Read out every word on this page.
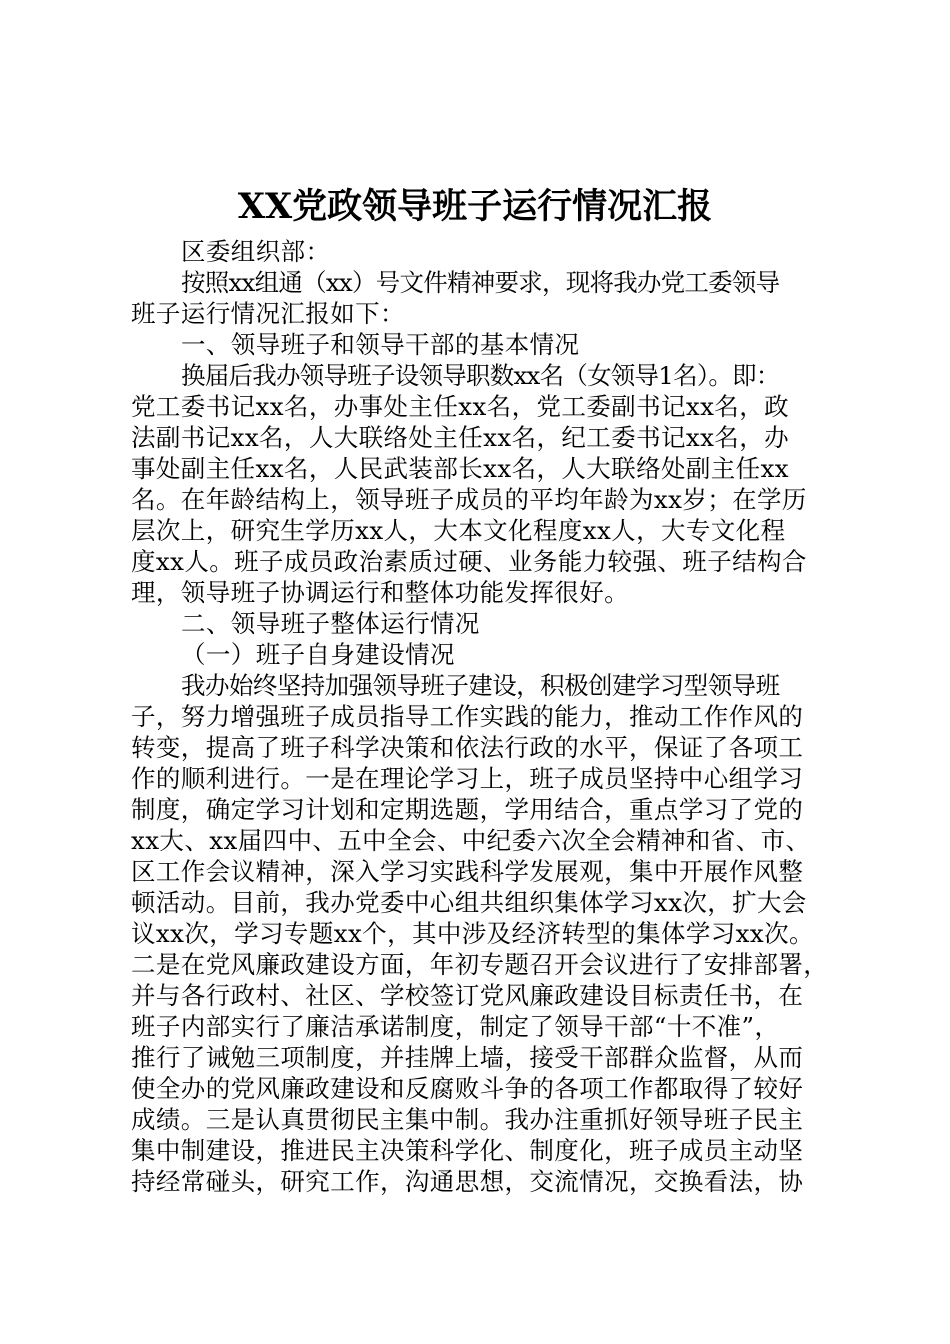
XX党政领导班子运行情况汇报

区委组织部：

按照xx组通（xx）号文件精神要求，现将我办党工委领导
班子运行情况汇报如下：

一、领导班子和领导干部的基本情况

换届后我办领导班子设领导职数xx名（女领导1名）。即：
党工委书记xx名，办事处主任xx名，党工委副书记xx名，政
法副书记xx名，人大联络处主任xx名，纪工委书记xx名，办
事处副主任xx名，人民武装部长xx名，人大联络处副主任xx
名。在年龄结构上，领导班子成员的平均年龄为xx岁；在学历
层次上，研究生学历xx人，大本文化程度xx人，大专文化程
度xx人。班子成员政治素质过硬、业务能力较强、班子结构合
理，领导班子协调运行和整体功能发挥很好。

二、领导班子整体运行情况

（一）班子自身建设情况

我办始终坚持加强领导班子建设，积极创建学习型领导班
子，努力增强班子成员指导工作实践的能力，推动工作作风的
转变，提高了班子科学决策和依法行政的水平，保证了各项工
作的顺利进行。一是在理论学习上，班子成员坚持中心组学习
制度，确定学习计划和定期选题，学用结合，重点学习了党的
xx大、xx届四中、五中全会、中纪委六次全会精神和省、市、
区工作会议精神，深入学习实践科学发展观，集中开展作风整
顿活动。目前，我办党委中心组共组织集体学习xx次，扩大会
议xx次，学习专题xx个，其中涉及经济转型的集体学习xx次。
二是在党风廉政建设方面，年初专题召开会议进行了安排部署，
并与各行政村、社区、学校签订党风廉政建设目标责任书，在
班子内部实行了廉洁承诺制度，制定了领导干部“十不准”，
推行了诫勉三项制度，并挂牌上墙，接受干部群众监督，从而
使全办的党风廉政建设和反腐败斗争的各项工作都取得了较好
成绩。三是认真贯彻民主集中制。我办注重抓好领导班子民主
集中制建设，推进民主决策科学化、制度化，班子成员主动坚
持经常碰头，研究工作，沟通思想，交流情况，交换看法，协
